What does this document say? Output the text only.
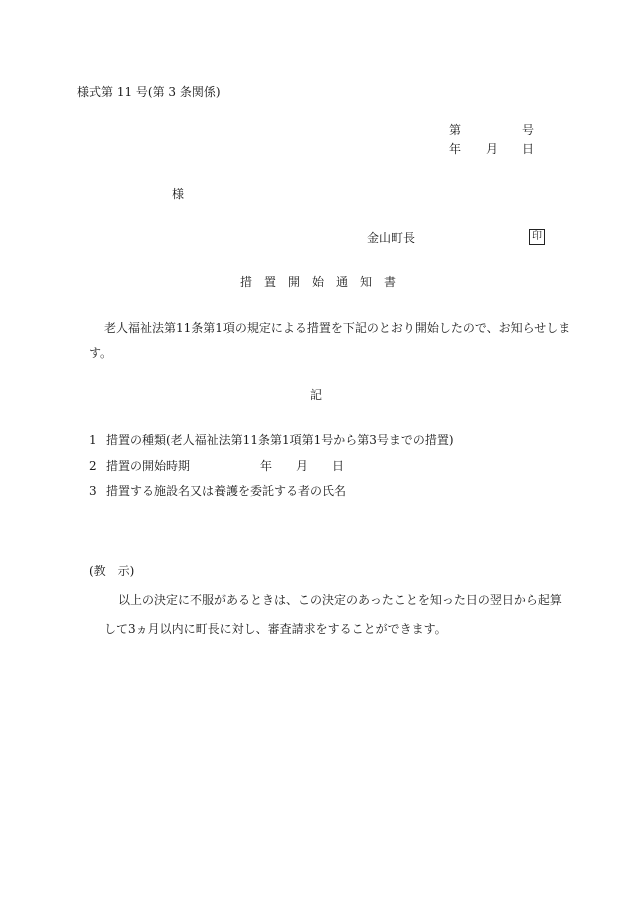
様式第 11 号(第 3 条関係)
第	号
年 月 日
様
金山町長	印
措　置　開　始　通　知　書
老人福祉法第11条第1項の規定による措置を下記のとおり開始したので、お知らせしま
す。
記
1 措置の種類(老人福祉法第11条第1項第1号から第3号までの措置)
2 措置の開始時期	年 月 日
3 措置する施設名又は養護を委託する者の氏名
(教　示)
以上の決定に不服があるときは、この決定のあったことを知った日の翌日から起算
して3ヵ月以内に町長に対し、審査請求をすることができます。
